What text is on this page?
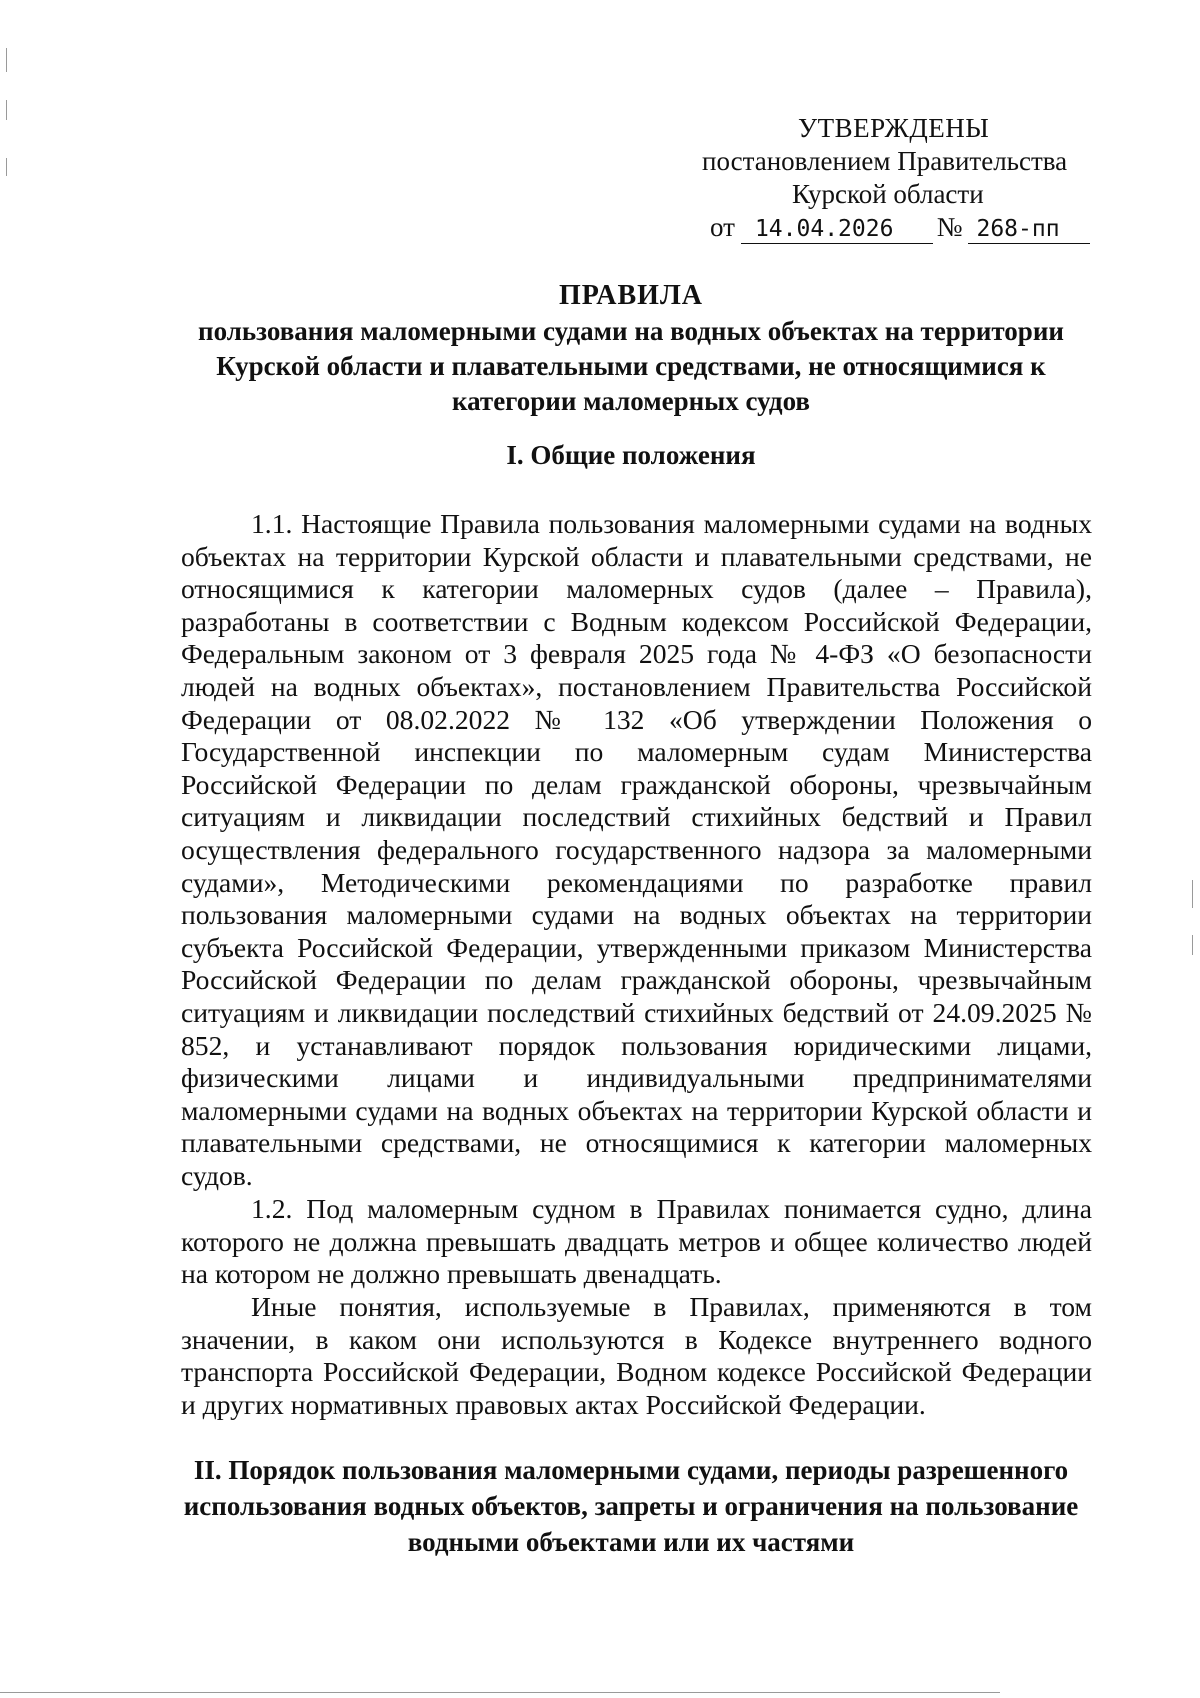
УТВЕРЖДЕНЫ
постановлением Правительства
Курской области
от 14.04.2026	№ 268-пп
ПРАВИЛА
пользования маломерными судами на водных объектах на территории Курской области и плавательными средствами, не относящимися к категории маломерных судов
I. Общие положения

1.1. Настоящие Правила пользования маломерными судами на водных объектах на территории Курской области и плавательными средствами, не относящимися к категории маломерных судов (далее – Правила), разработаны в соответствии с Водным кодексом Российской Федерации, Федеральным законом от 3 февраля 2025 года № 4-ФЗ «О безопасности людей на водных объектах», постановлением Правительства Российской Федерации от 08.02.2022 № 132 «Об утверждении Положения о Государственной инспекции по маломерным судам Министерства Российской Федерации по делам гражданской обороны, чрезвычайным ситуациям и ликвидации последствий стихийных бедствий и Правил осуществления федерального государственного надзора за маломерными судами», Методическими рекомендациями по разработке правил пользования маломерными судами на водных объектах на территории субъекта Российской Федерации, утвержденными приказом Министерства Российской Федерации по делам гражданской обороны, чрезвычайным ситуациям и ликвидации последствий стихийных бедствий от 24.09.2025 № 852, и устанавливают порядок пользования юридическими лицами, физическими лицами и индивидуальными предпринимателями маломерными судами на водных объектах на территории Курской области и плавательными средствами, не относящимися к категории маломерных судов.

1.2. Под маломерным судном в Правилах понимается судно, длина которого не должна превышать двадцать метров и общее количество людей на котором не должно превышать двенадцать.

Иные понятия, используемые в Правилах, применяются в том значении, в каком они используются в Кодексе внутреннего водного транспорта Российской Федерации, Водном кодексе Российской Федерации и других нормативных правовых актах Российской Федерации.

II. Порядок пользования маломерными судами, периоды разрешенного использования водных объектов, запреты и ограничения на пользование водными объектами или их частями
